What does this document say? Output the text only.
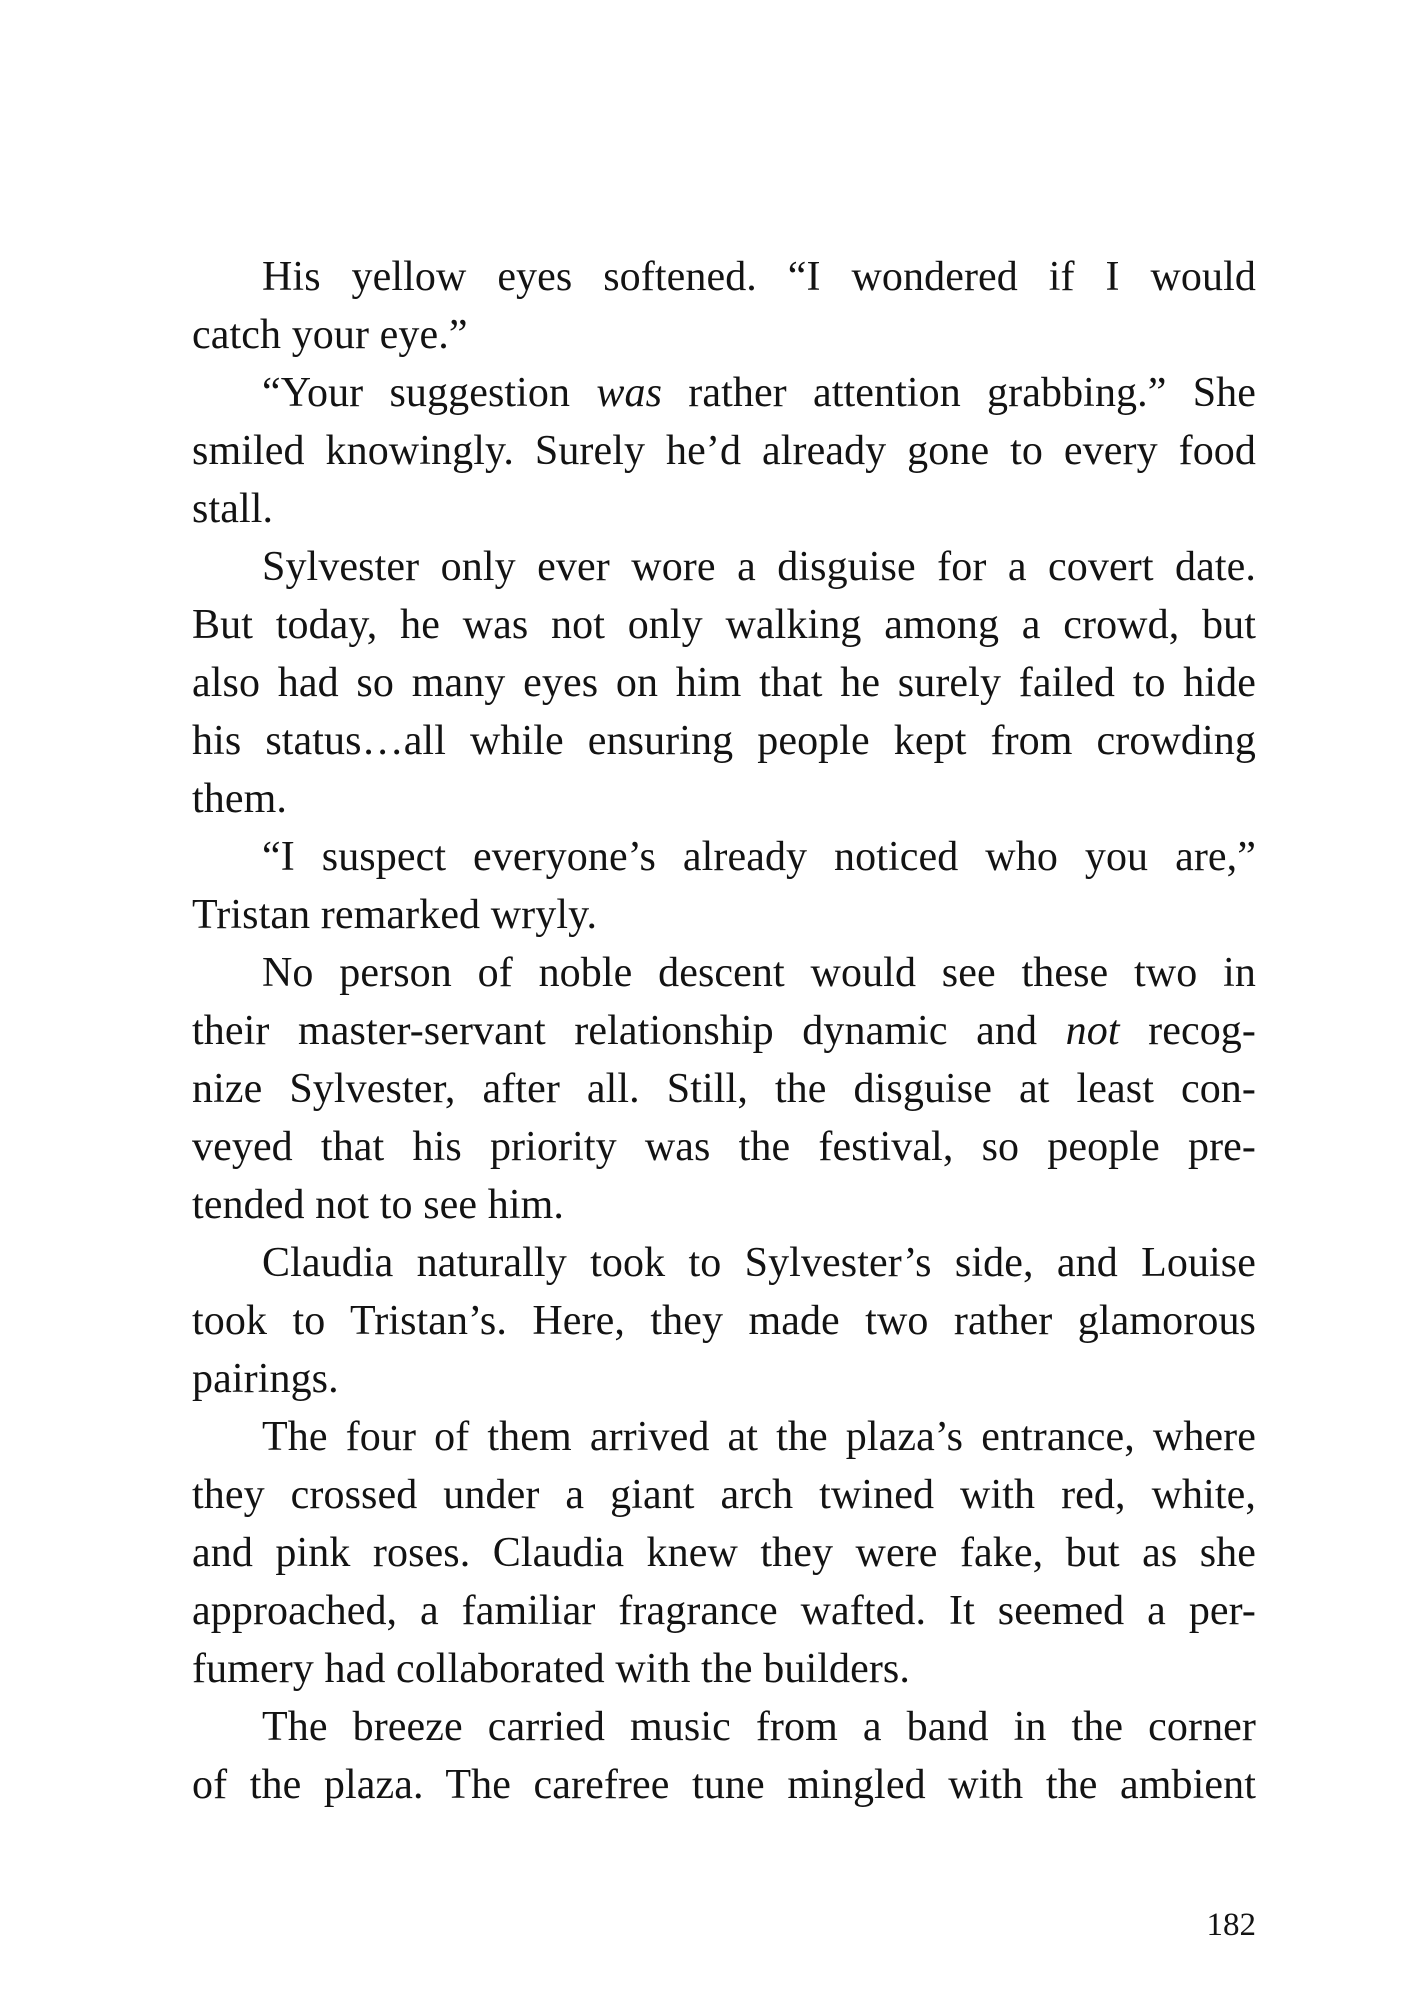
His yellow eyes softened. “I wondered if I would
catch your eye.”
“Your suggestion was rather attention grabbing.” She
smiled knowingly. Surely he’d already gone to every food
stall.
Sylvester only ever wore a disguise for a covert date.
But today, he was not only walking among a crowd, but
also had so many eyes on him that he surely failed to hide
his status…all while ensuring people kept from crowding
them.
“I suspect everyone’s already noticed who you are,”
Tristan remarked wryly.
No person of noble descent would see these two in
their master-servant relationship dynamic and not recog-
nize Sylvester, after all. Still, the disguise at least con-
veyed that his priority was the festival, so people pre-
tended not to see him.
Claudia naturally took to Sylvester’s side, and Louise
took to Tristan’s. Here, they made two rather glamorous
pairings.
The four of them arrived at the plaza’s entrance, where
they crossed under a giant arch twined with red, white,
and pink roses. Claudia knew they were fake, but as she
approached, a familiar fragrance wafted. It seemed a per-
fumery had collaborated with the builders.
The breeze carried music from a band in the corner
of the plaza. The carefree tune mingled with the ambient
182
